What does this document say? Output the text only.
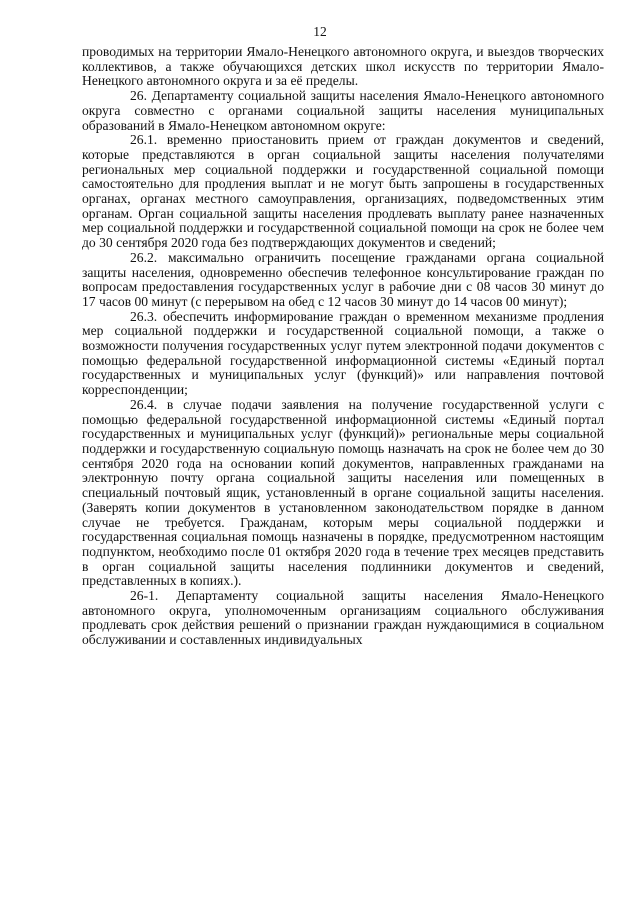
12

проводимых на территории Ямало-Ненецкого автономного округа, и выездов творческих коллективов, а также обучающихся детских школ искусств по территории Ямало-Ненецкого автономного округа и за её пределы.

26. Департаменту социальной защиты населения Ямало-Ненецкого автономного округа совместно с органами социальной защиты населения муниципальных образований в Ямало-Ненецком автономном округе:

26.1. временно приостановить прием от граждан документов и сведений, которые представляются в орган социальной защиты населения получателями региональных мер социальной поддержки и государственной социальной помощи самостоятельно для продления выплат и не могут быть запрошены в государственных органах, органах местного самоуправления, организациях, подведомственных этим органам. Орган социальной защиты населения продлевать выплату ранее назначенных мер социальной поддержки и государственной социальной помощи на срок не более чем до 30 сентября 2020 года без подтверждающих документов и сведений;

26.2. максимально ограничить посещение гражданами органа социальной защиты населения, одновременно обеспечив телефонное консультирование граждан по вопросам предоставления государственных услуг в рабочие дни с 08 часов 30 минут до 17 часов 00 минут (с перерывом на обед с 12 часов 30 минут до 14 часов 00 минут);

26.3. обеспечить информирование граждан о временном механизме продления мер социальной поддержки и государственной социальной помощи, а также о возможности получения государственных услуг путем электронной подачи документов с помощью федеральной государственной информационной системы «Единый портал государственных и муниципальных услуг (функций)» или направления почтовой корреспонденции;

26.4. в случае подачи заявления на получение государственной услуги с помощью федеральной государственной информационной системы «Единый портал государственных и муниципальных услуг (функций)» региональные меры социальной поддержки и государственную социальную помощь назначать на срок не более чем до 30 сентября 2020 года на основании копий документов, направленных гражданами на электронную почту органа социальной защиты населения или помещенных в специальный почтовый ящик, установленный в органе социальной защиты населения. (Заверять копии документов в установленном законодательством порядке в данном случае не требуется. Гражданам, которым меры социальной поддержки и государственная социальная помощь назначены в порядке, предусмотренном настоящим подпунктом, необходимо после 01 октября 2020 года в течение трех месяцев представить в орган социальной защиты населения подлинники документов и сведений, представленных в копиях.).

26-1. Департаменту социальной защиты населения Ямало-Ненецкого автономного округа, уполномоченным организациям социального обслуживания продлевать срок действия решений о признании граждан нуждающимися в социальном обслуживании и составленных индивидуальных
